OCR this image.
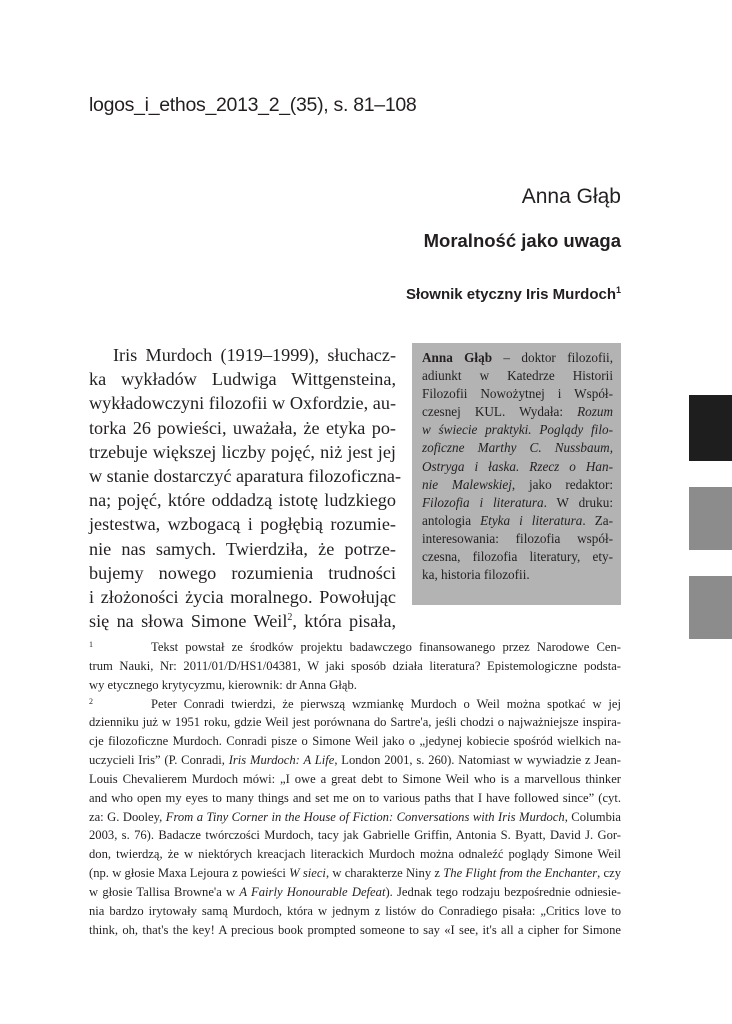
logos_i_ethos_2013_2_(35), s. 81–108
Anna Głąb
Moralność jako uwaga
Słownik etyczny Iris Murdoch$^1$
Iris Murdoch (1919–1999), słuchacz-
ka wykładów Ludwiga Wittgensteina,
wykładowczyni filozofii w Oxfordzie, au-
torka 26 powieści, uważała, że etyka po-
trzebuje większej liczby pojęć, niż jest jej
w stanie dostarczyć aparatura filozoficzna-
na; pojęć, które oddadzą istotę ludzkiego
jestestwa, wzbogacą i pogłębią rozumie-
nie nas samych. Twierdziła, że potrze-
bujemy nowego rozumienia trudności
i złożoności życia moralnego. Powołując
się na słowa Simone Weil$^2$, która pisała,
Anna Głąb – doktor filozofii,
adiunkt w Katedrze Historii
Filozofii Nowożytnej i Współ-
czesnej KUL. Wydała: Rozum
w świecie praktyki. Poglądy filo-
zoficzne Marthy C. Nussbaum,
Ostryga i łaska. Rzecz o Han-
nie Malewskiej, jako redaktor:
Filozofia i literatura. W druku:
antologia Etyka i literatura. Za-
interesowania: filozofia współ-
czesna, filozofia literatury, ety-
ka, historia filozofii.
1	Tekst powstał ze środków projektu badawczego finansowanego przez Narodowe Cen-
trum Nauki, Nr: 2011/01/D/HS1/04381, W jaki sposób działa literatura? Epistemologiczne podsta-
wy etycznego krytycyzmu, kierownik: dr Anna Głąb.
2	Peter Conradi twierdzi, że pierwszą wzmiankę Murdoch o Weil można spotkać w jej
dzienniku już w 1951 roku, gdzie Weil jest porównana do Sartre'a, jeśli chodzi o najważniejsze inspira-
cje filozoficzne Murdoch. Conradi pisze o Simone Weil jako o „jedynej kobiecie spośród wielkich na-
uczycieli Iris” (P. Conradi, Iris Murdoch: A Life, London 2001, s. 260). Natomiast w wywiadzie z Jean-
Louis Chevalierem Murdoch mówi: „I owe a great debt to Simone Weil who is a marvellous thinker
and who open my eyes to many things and set me on to various paths that I have followed since” (cyt.
za: G. Dooley, From a Tiny Corner in the House of Fiction: Conversations with Iris Murdoch, Columbia
2003, s. 76). Badacze twórczości Murdoch, tacy jak Gabrielle Griffin, Antonia S. Byatt, David J. Gor-
don, twierdzą, że w niektórych kreacjach literackich Murdoch można odnaleźć poglądy Simone Weil
(np. w głosie Maxa Lejoura z powieści W sieci, w charakterze Niny z The Flight from the Enchanter, czy
w głosie Tallisa Browne'a w A Fairly Honourable Defeat). Jednak tego rodzaju bezpośrednie odniesie-
nia bardzo irytowały samą Murdoch, która w jednym z listów do Conradiego pisała: „Critics love to
think, oh, that's the key! A precious book prompted someone to say «I see, it's all a cipher for Simone
